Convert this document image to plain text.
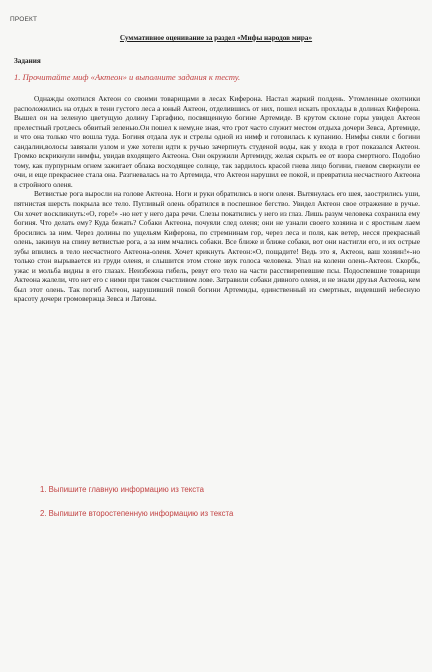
ПРОЕКТ
Суммативное оценивание за раздел «Мифы народов мира»
Задания
1. Прочитайте миф «Актеон» и выполните задания к тесту.

Однажды охотился Актеон со своими товарищами в лесах Киферона. Настал жаркий полдень. Утомленные охотники расположились на отдых в тени густого леса а юный Актеон, отделившись от них, пошел искать прохлады в долинах Киферона. Вышел он на зеленую цветущую долину Гаргафию, посвященную богине Артемиде. В крутом склоне горы увидел Актеон прелестный грот,весь обвитый зеленью.Он пошел к нему,не зная, что грот часто служит местом отдыха дочери Зевса, Артемиде, и что она только что вошла туда. Богиня отдала лук и стрелы одной из нимф и готовилась к купанию. Нимфы сняли с богини сандалии,волосы завязали узлом и уже хотели идти к ручью зачерпнуть студеной воды, как у входа в грот показался Актеон. Громко вскрикнули нимфы, увидав входящего Актеона. Они окружили Артемиду, желая скрыть ее от взора смертного. Подобно тому, как пурпурным огнем зажигает облака восходящее солнце, так зардилось красой гнева лицо богини, гневом сверкнули ее очи, и еще прекраснее стала она. Разгневалась на то Артемида, что Актеон нарушил ее покой, и превратила несчастного Актеона в стройного оленя.

Ветвистые рога выросли на голове Актеона. Ноги и руки обратились в ноги оленя. Вытянулась его шея, заострились уши, пятнистая шерсть покрыла все тело. Пугливый олень обратился в поспешное бегство. Увидел Актеон свое отражение в ручье. Он хочет воскликнуть:«О, горе!» -но нет у него дара речи. Слезы покатились у него из глаз. Лишь разум человека сохранила ему богиня. Что делать ему? Куда бежать? Собаки Актеона, почуяли след оленя; они не узнали своего хозяина и с яростным лаем бросились за ним. Через долины по ущельям Киферона, по стремнинам гор, через леса и поля, как ветер, несся прекрасный олень, закинув на спину ветвистые рога, а за ним мчались собаки. Все ближе и ближе собаки, вот они настигли его, и их острые зубы впились в тело несчастного Актеона-оленя. Хочет крикнуть Актеон:«О, пощадите! Ведь это я, Актеон, ваш хозяин!»-но только стон вырывается из груди оленя, и слышится этом стоне звук голоса человека. Упал на колени олень-Актеон. Скорбь, ужас и мольба видны в его глазах. Неизбежна гибель, ревут его тело на части расствирепевшие псы. Подоспевшие товарищи Актеона жалели, что нет его с ними при таком счастливом лове. Затравили собаки дивного оленя, и не знали друзья Актеона, кем был этот олень. Так погиб Актеон, нарушивший покой богини Артемиды, единственный из смертных, видевший небесную красоту дочери громовержца Зевса и Латоны.

1. Выпишите главную информацию из текста
2. Выпишите второстепенную информацию из текста
